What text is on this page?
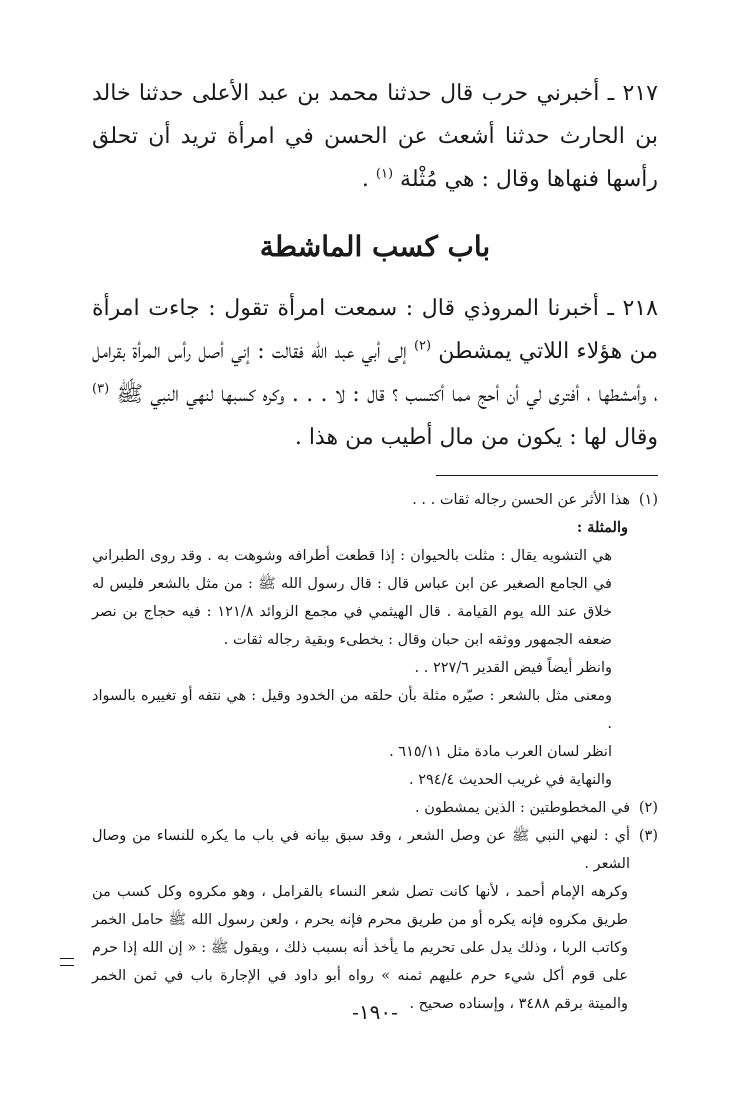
٢١٧ ـ أخبرني حرب قال حدثنا محمد بن عبد الأعلى حدثنا خالد بن الحارث حدثنا أشعث عن الحسن في امرأة تريد أن تحلق رأسها فنهاها وقال : هي مُثْلة $^{(١)}$ .

باب كسب الماشطة

٢١٨ ـ أخبرنا المروذي قال : سمعت امرأة تقول : جاءت امرأة من هؤلاء اللاتي يمشطن $^{(٢)}$ إلى أبي عبد الله فقالت : إني أصل رأس المرأة بقرامل ، وأمشطها ، أفترى لي أن أحج مما أكتسب ؟ قال : لا . . . وكره كسبها لنهي النبي ﷺ $^{(٣)}$ وقال لها : يكون من مال أطيب من هذا .

(١)
هذا الأثر عن الحسن رجاله ثقات . . .
والمثلة :
هي التشويه يقال : مثلت بالحيوان : إذا قطعت أطرافه وشوهت به . وقد روى الطبراني في الجامع الصغير عن ابن عباس قال : قال رسول الله ﷺ : من مثل بالشعر فليس له خلاق عند الله يوم القيامة . قال الهيثمي في مجمع الزوائد ١٢١/٨ : فيه حجاج بن نصر ضعفه الجمهور ووثقه ابن حبان وقال : يخطىء وبقية رجاله ثقات .
وانظر أيضاً فيض القدير ٢٢٧/٦ . .
ومعنى مثل بالشعر : صيّره مثلة بأن حلقه من الخدود وقيل : هي نتفه أو تغييره بالسواد .
انظر لسان العرب مادة مثل ٦١٥/١١ .
والنهاية في غريب الحديث ٢٩٤/٤ .
(٢)
في المخطوطتين : الذين يمشطون .
(٣)
أي : لنهي النبي ﷺ عن وصل الشعر ، وقد سبق بيانه في باب ما يكره للنساء من وصال الشعر .
وكرهه الإمام أحمد ، لأنها كانت تصل شعر النساء بالقرامل ، وهو مكروه وكل كسب من طريق مكروه فإنه يكره أو من طريق محرم فإنه يحرم ، ولعن رسول الله ﷺ حامل الخمر وكاتب الربا ، وذلك يدل على تحريم ما يأخذ أنه بسبب ذلك ، ويقول ﷺ : « إن الله إذا حرم على قوم أكل شيء حرم عليهم ثمنه » رواه أبو داود في الإجارة باب في ثمن الخمر والميتة برقم ٣٤٨٨ ، وإسناده صحيح .
-١٩٠-
